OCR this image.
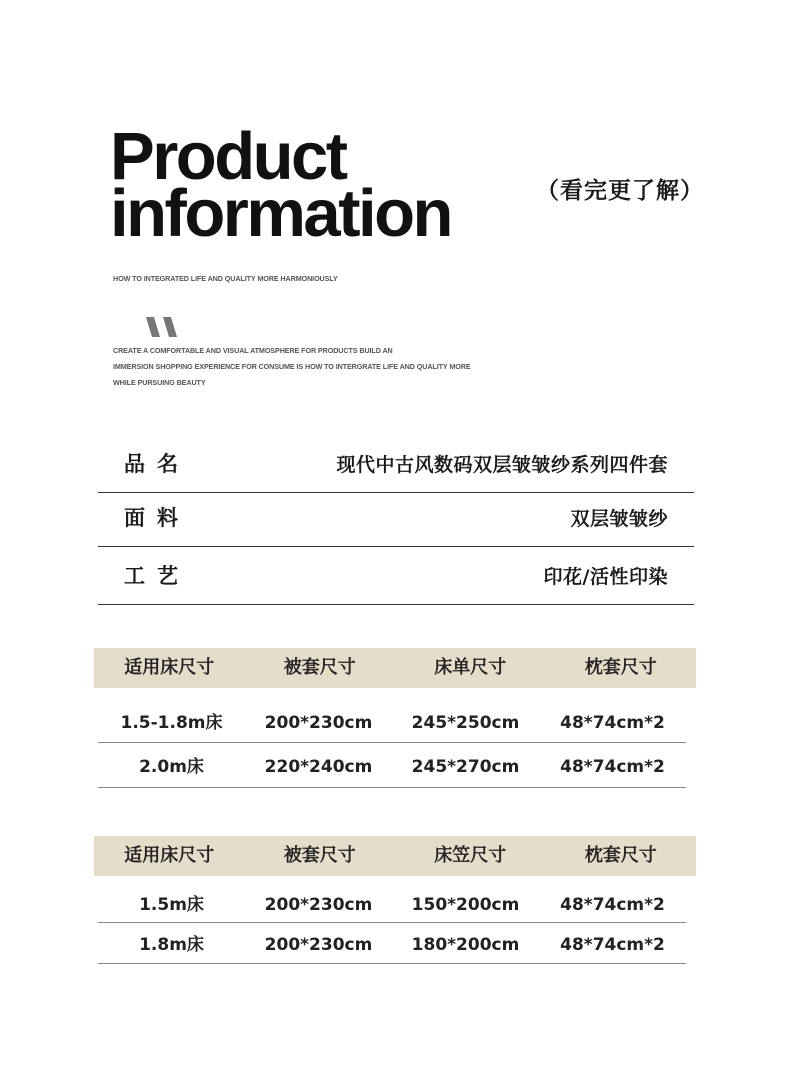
Product
information	（看完更了解）
HOW TO INTEGRATED LIFE AND QUALITY MORE HARMONIOUSLY
CREATE A COMFORTABLE AND VISUAL ATMOSPHERE FOR PRODUCTS BUILD AN
IMMERSION SHOPPING EXPERIENCE FOR CONSUME IS HOW TO INTERGRATE LIFE AND QUALITY MORE
WHILE PURSUING BEAUTY
品名	现代中古风数码双层皱皱纱系列四件套
面料	双层皱皱纱
工艺	印花/活性印染
适用床尺寸	被套尺寸	床单尺寸	枕套尺寸
1.5-1.8m床	200*230cm	245*250cm	48*74cm*2
2.0m床	220*240cm	245*270cm	48*74cm*2
适用床尺寸	被套尺寸	床笠尺寸	枕套尺寸
1.5m床	200*230cm	150*200cm	48*74cm*2
1.8m床	200*230cm	180*200cm	48*74cm*2
